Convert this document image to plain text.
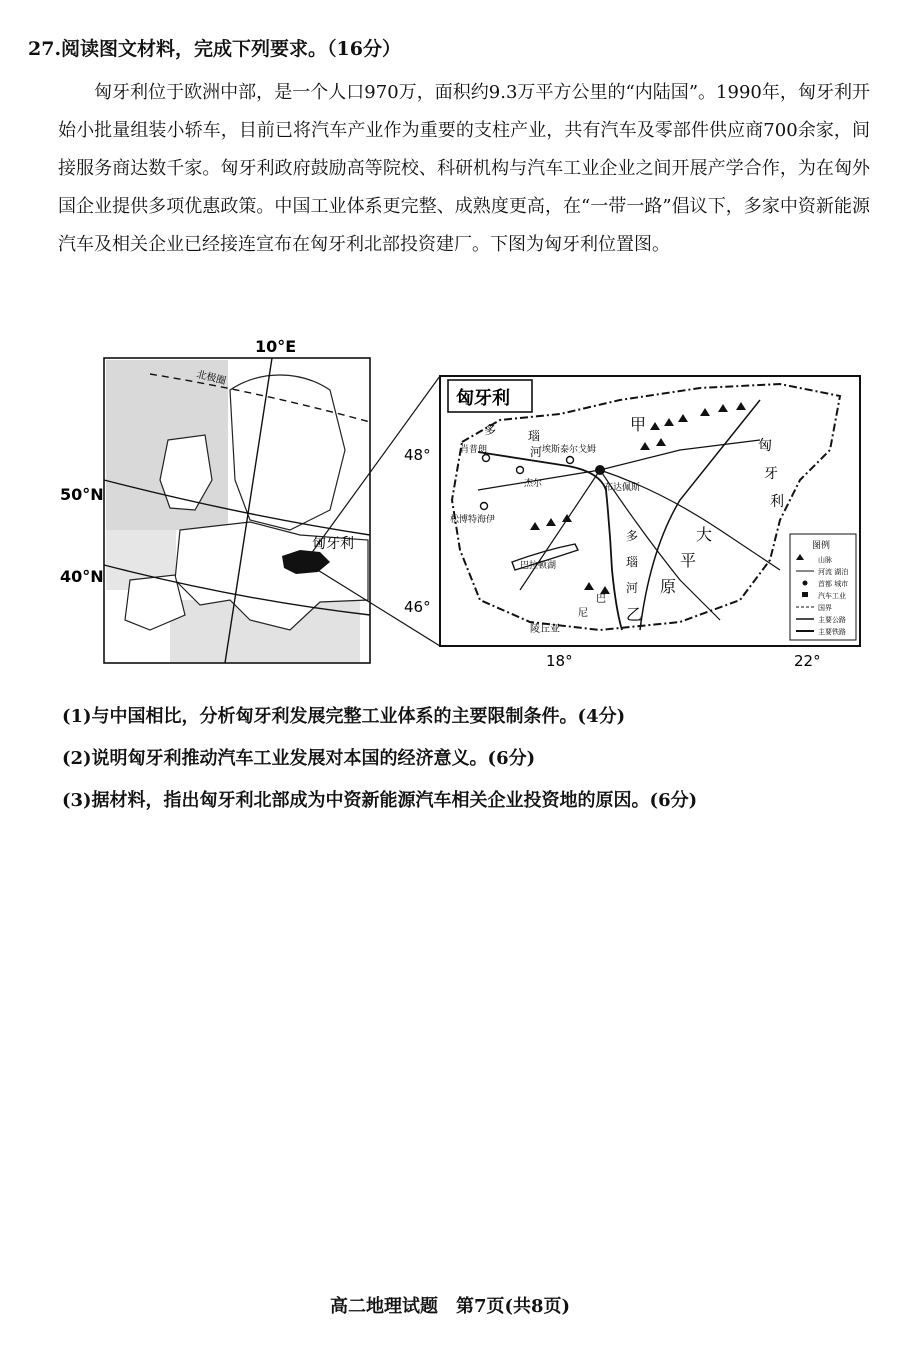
27.阅读图文材料，完成下列要求。（16分）

匈牙利位于欧洲中部，是一个人口970万，面积约9.3万平方公里的“内陆国”。1990年，匈牙利开始小批量组装小轿车，目前已将汽车产业作为重要的支柱产业，共有汽车及零部件供应商700余家，间接服务商达数千家。匈牙利政府鼓励高等院校、科研机构与汽车工业企业之间开展产学合作，为在匈外国企业提供多项优惠政策。中国工业体系更完整、成熟度更高，在“一带一路”倡议下，多家中资新能源汽车及相关企业已经接连宣布在匈牙利北部投资建厂。下图为匈牙利位置图。

北极圈
匈牙利
10°E
50°N
40°N
匈牙利
布达佩斯
杰尔
肖普朗	埃斯泰尔戈姆
松博特海伊
巴拉顿湖
多	瑙
河
多
瑙
河
甲
乙
匈
牙
利
大
平
原
巴
尼
陵丘亚
48°
46°
18°	22°
图例
山脉
河流 湖泊
首都 城市
汽车工业
国界
主要公路
主要铁路
(1)与中国相比，分析匈牙利发展完整工业体系的主要限制条件。(4分)
(2)说明匈牙利推动汽车工业发展对本国的经济意义。(6分)
(3)据材料，指出匈牙利北部成为中资新能源汽车相关企业投资地的原因。(6分)
高二地理试题　第7页(共8页)
